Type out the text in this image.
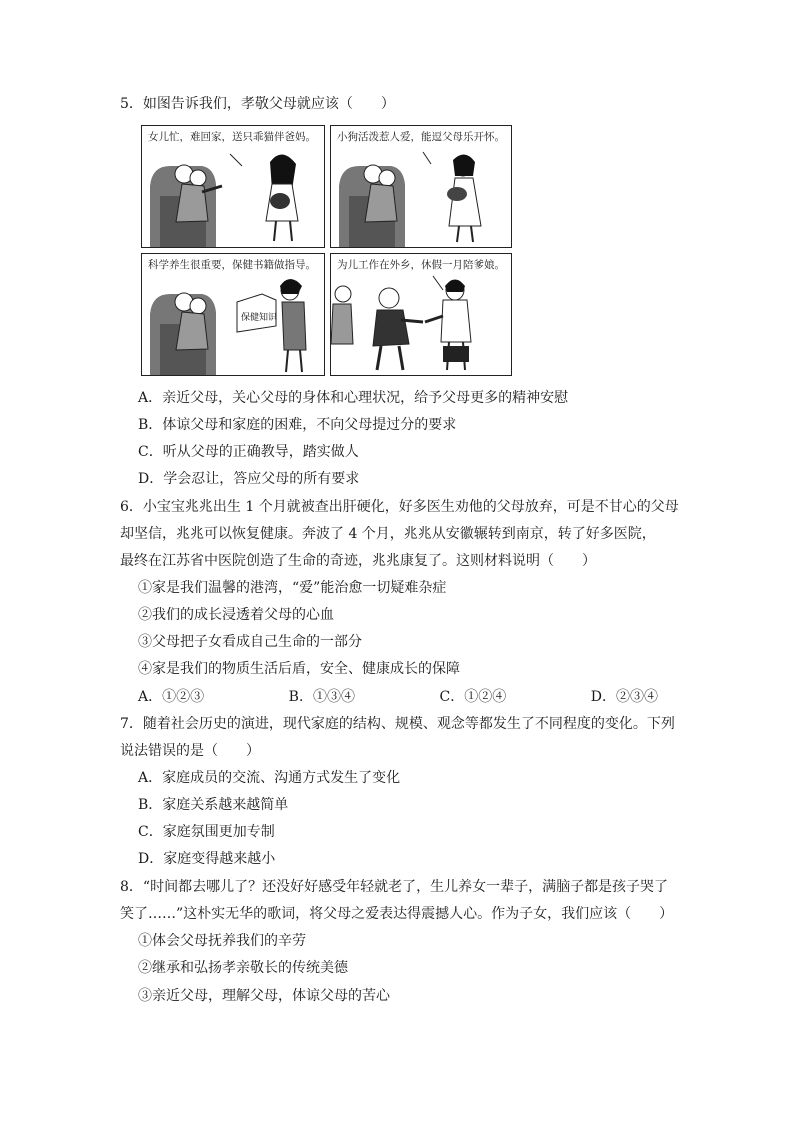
5．如图告诉我们，孝敬父母就应该（　　）
女儿忙，难回家，送只乖猫伴爸妈。 小狗活泼惹人爱，能逗父母乐开怀。
科学养生很重要，保健书籍做指导。
保健知识
为儿工作在外乡，休假一月陪爹娘。
A．亲近父母，关心父母的身体和心理状况，给予父母更多的精神安慰
B．体谅父母和家庭的困难，不向父母提过分的要求
C．听从父母的正确教导，踏实做人
D．学会忍让，答应父母的所有要求
6．小宝宝兆兆出生 1 个月就被查出肝硬化，好多医生劝他的父母放弃，可是不甘心的父母
却坚信，兆兆可以恢复健康。奔波了 4 个月，兆兆从安徽辗转到南京，转了好多医院，
最终在江苏省中医院创造了生命的奇迹，兆兆康复了。这则材料说明（　　）
①家是我们温馨的港湾，“爱”能治愈一切疑难杂症
②我们的成长浸透着父母的心血
③父母把子女看成自己生命的一部分
④家是我们的物质生活后盾，安全、健康成长的保障
A．①②③	B．①③④	C．①②④	D．②③④
7．随着社会历史的演进，现代家庭的结构、规模、观念等都发生了不同程度的变化。下列
说法错误的是（　　）
A．家庭成员的交流、沟通方式发生了变化
B．家庭关系越来越简单
C．家庭氛围更加专制
D．家庭变得越来越小
8．“时间都去哪儿了？还没好好感受年轻就老了，生儿养女一辈子，满脑子都是孩子哭了
笑了……”这朴实无华的歌词，将父母之爱表达得震撼人心。作为子女，我们应该（　　）
①体会父母抚养我们的辛劳
②继承和弘扬孝亲敬长的传统美德
③亲近父母，理解父母，体谅父母的苦心
